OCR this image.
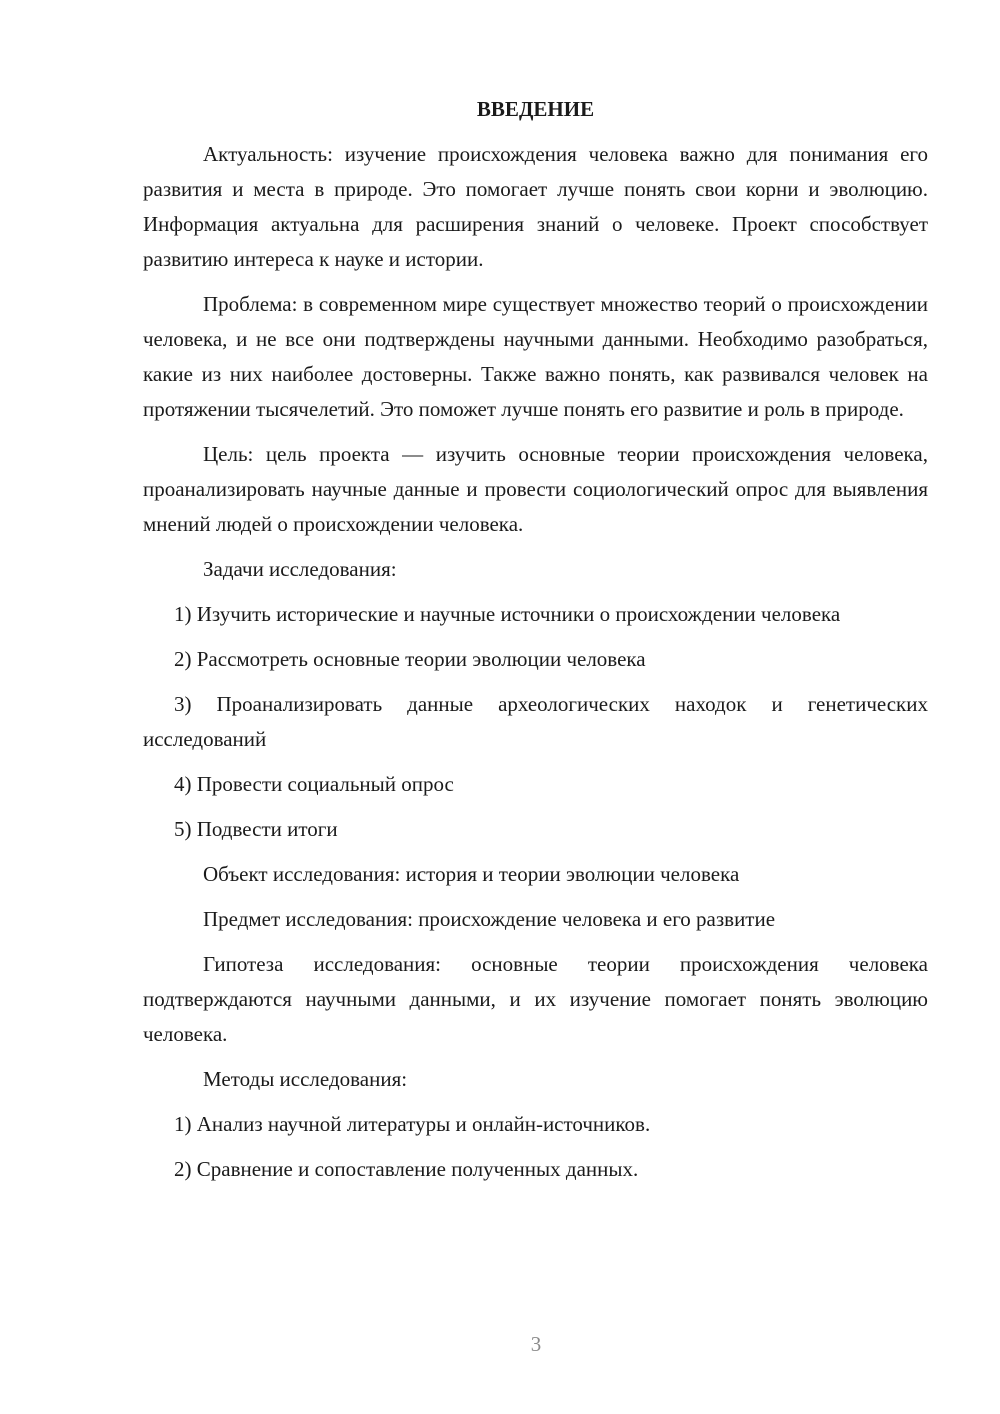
ВВЕДЕНИЕ

Актуальность: изучение происхождения человека важно для понимания его развития и места в природе. Это помогает лучше понять свои корни и эволюцию. Информация актуальна для расширения знаний о человеке. Проект способствует развитию интереса к науке и истории.

Проблема: в современном мире существует множество теорий о происхождении человека, и не все они подтверждены научными данными. Необходимо разобраться, какие из них наиболее достоверны. Также важно понять, как развивался человек на протяжении тысячелетий. Это поможет лучше понять его развитие и роль в природе.

Цель: цель проекта — изучить основные теории происхождения человека, проанализировать научные данные и провести социологический опрос для выявления мнений людей о происхождении человека.

Задачи исследования:

1) Изучить исторические и научные источники о происхождении человека

2) Рассмотреть основные теории эволюции человека

3) Проанализировать данные археологических находок и генетических исследований

4) Провести социальный опрос

5) Подвести итоги

Объект исследования: история и теории эволюции человека

Предмет исследования: происхождение человека и его развитие

Гипотеза исследования: основные теории происхождения человека подтверждаются научными данными, и их изучение помогает понять эволюцию человека.

Методы исследования:

1) Анализ научной литературы и онлайн-источников.

2) Сравнение и сопоставление полученных данных.

3
